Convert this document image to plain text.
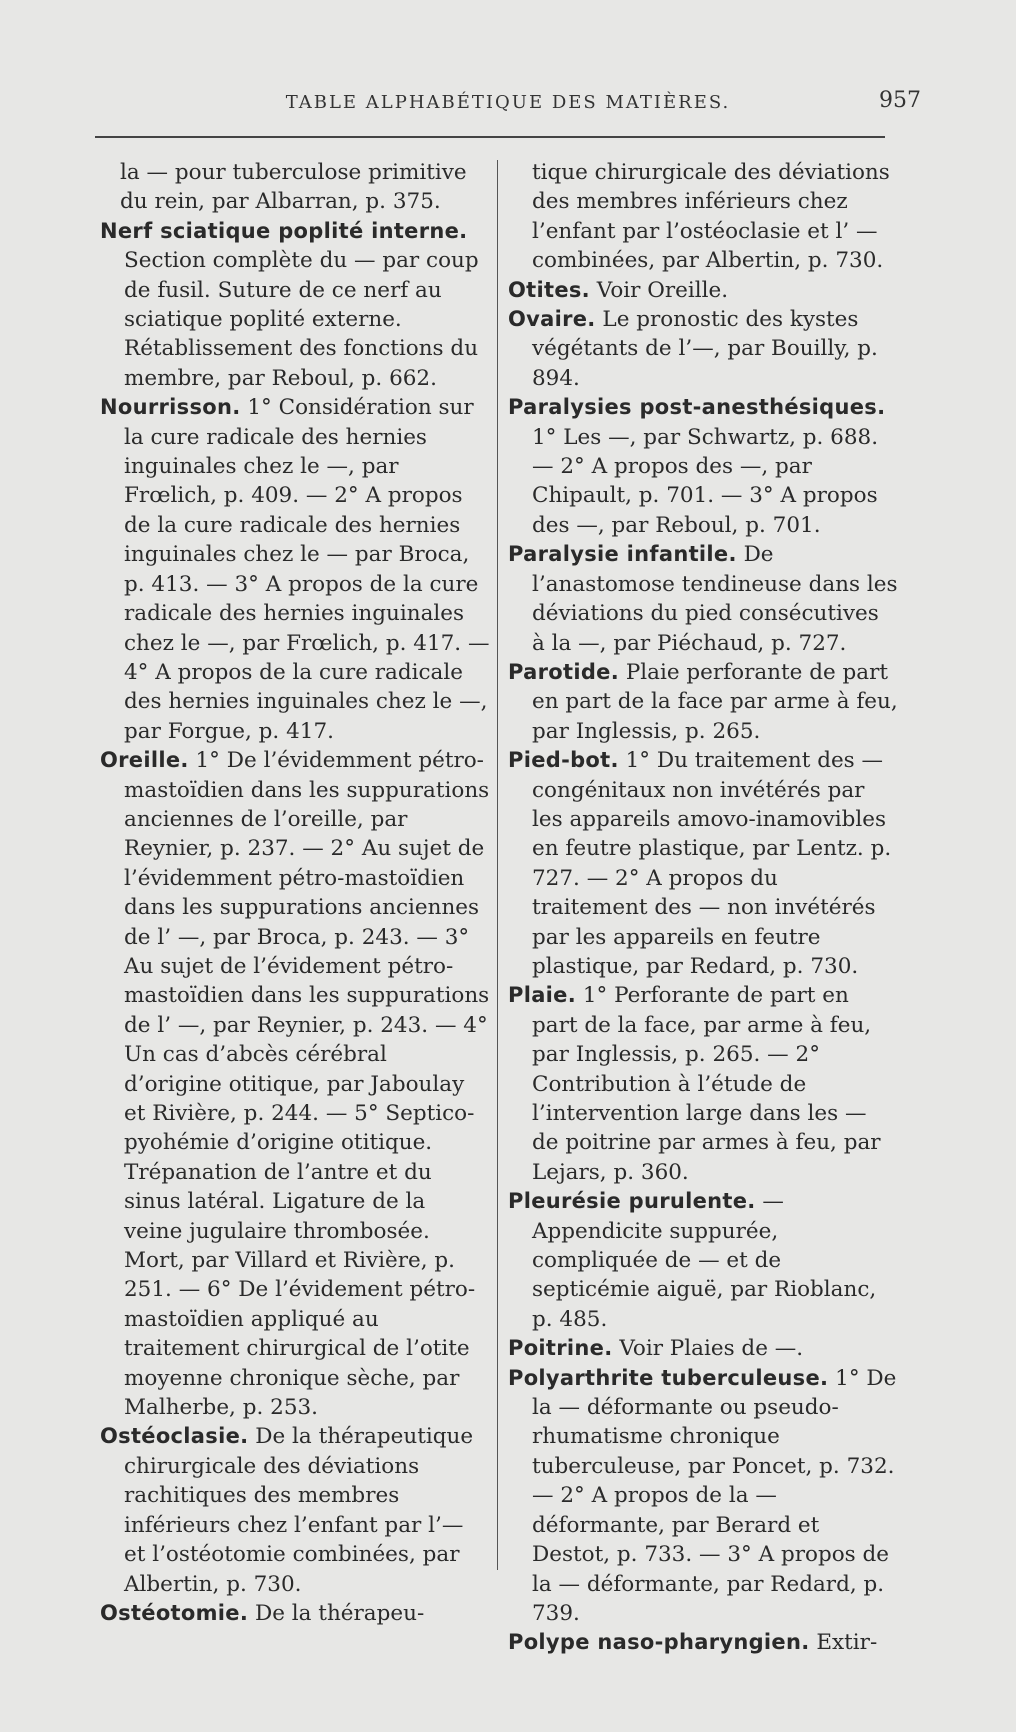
TABLE ALPHABÉTIQUE DES MATIÈRES.	957

la — pour tuberculose primitive du rein, par Albarran, p. 375.

Nerf sciatique poplité interne. Section complète du — par coup de fusil. Suture de ce nerf au sciatique poplité externe. Rétablissement des fonctions du membre, par Reboul, p. 662.

Nourrisson. 1° Considération sur la cure radicale des hernies inguinales chez le —, par Frœlich, p. 409. — 2° A propos de la cure radicale des hernies inguinales chez le — par Broca, p. 413. — 3° A propos de la cure radicale des hernies inguinales chez le —, par Frœlich, p. 417. — 4° A propos de la cure radicale des hernies inguinales chez le —, par Forgue, p. 417.

Oreille. 1° De l’évidemment pétro-mastoïdien dans les suppurations anciennes de l’oreille, par Reynier, p. 237. — 2° Au sujet de l’évidemment pétro-mastoïdien dans les suppurations anciennes de l’ —, par Broca, p. 243. — 3° Au sujet de l’évidement pétro-mastoïdien dans les suppurations de l’ —, par Reynier, p. 243. — 4° Un cas d’abcès cérébral d’origine otitique, par Jaboulay et Rivière, p. 244. — 5° Septico-pyohémie d’origine otitique. Trépanation de l’antre et du sinus latéral. Ligature de la veine jugulaire thrombosée. Mort, par Villard et Rivière, p. 251. — 6° De l’évidement pétro-mastoïdien appliqué au traitement chirurgical de l’otite moyenne chronique sèche, par Malherbe, p. 253.

Ostéoclasie. De la thérapeutique chirurgicale des déviations rachitiques des membres inférieurs chez l’enfant par l’— et l’ostéotomie combinées, par Albertin, p. 730.

Ostéotomie. De la thérapeu-

tique chirurgicale des déviations des membres inférieurs chez l’enfant par l’ostéoclasie et l’ — combinées, par Albertin, p. 730.

Otites. Voir Oreille.

Ovaire. Le pronostic des kystes végétants de l’—, par Bouilly, p. 894.

Paralysies post-anesthésiques. 1° Les —, par Schwartz, p. 688. — 2° A propos des —, par Chipault, p. 701. — 3° A propos des —, par Reboul, p. 701.

Paralysie infantile. De l’anastomose tendineuse dans les déviations du pied consécutives à la —, par Piéchaud, p. 727.

Parotide. Plaie perforante de part en part de la face par arme à feu, par Inglessis, p. 265.

Pied-bot. 1° Du traitement des — congénitaux non invétérés par les appareils amovo-inamovibles en feutre plastique, par Lentz. p. 727. — 2° A propos du traitement des — non invétérés par les appareils en feutre plastique, par Redard, p. 730.

Plaie. 1° Perforante de part en part de la face, par arme à feu, par Inglessis, p. 265. — 2° Contribution à l’étude de l’intervention large dans les — de poitrine par armes à feu, par Lejars, p. 360.

Pleurésie purulente. — Appendicite suppurée, compliquée de — et de septicémie aiguë, par Rioblanc, p. 485.

Poitrine. Voir Plaies de —.

Polyarthrite tuberculeuse. 1° De la — déformante ou pseudo-rhumatisme chronique tuberculeuse, par Poncet, p. 732. — 2° A propos de la — déformante, par Berard et Destot, p. 733. — 3° A propos de la — déformante, par Redard, p. 739.

Polype naso-pharyngien. Extir-
